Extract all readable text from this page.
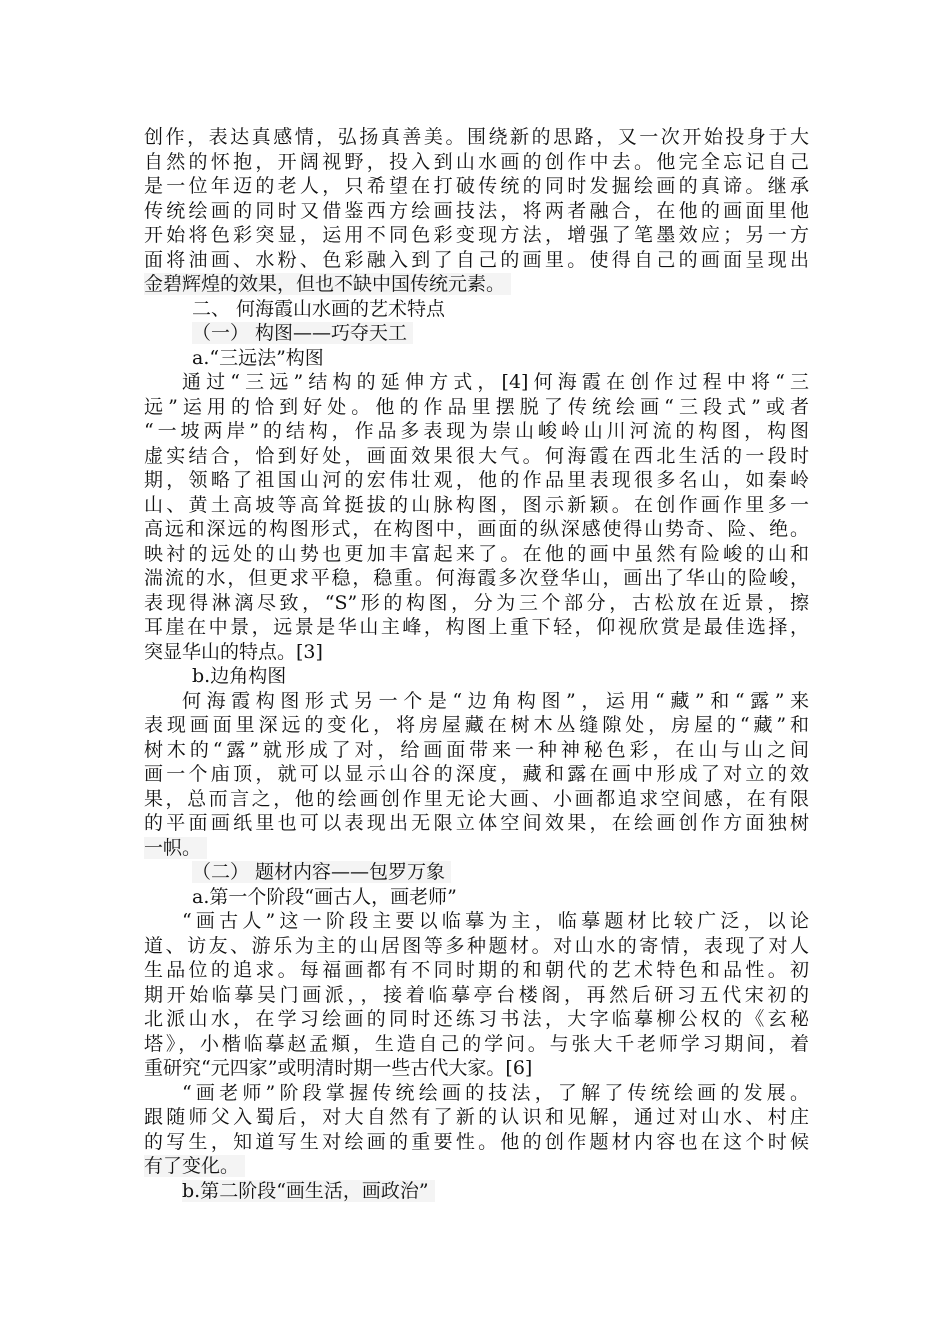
创作，表达真感情，弘扬真善美。围绕新的思路，又一次开始投身于大
自然的怀抱，开阔视野，投入到山水画的创作中去。他完全忘记自己
是一位年迈的老人，只希望在打破传统的同时发掘绘画的真谛。继承
传统绘画的同时又借鉴西方绘画技法，将两者融合，在他的画面里他
开始将色彩突显，运用不同色彩变现方法，增强了笔墨效应；另一方
面将油画、水粉、色彩融入到了自己的画里。使得自己的画面呈现出
金碧辉煌的效果，但也不缺中国传统元素。
二、 何海霞山水画的艺术特点
（一） 构图——巧夺天工
a.“三远法”构图
通过“三远”结构的延伸方式，[4]何海霞在创作过程中将“三
远”运用的恰到好处。他的作品里摆脱了传统绘画“三段式”或者
“一坡两岸”的结构，作品多表现为崇山峻岭山川河流的构图，构图
虚实结合，恰到好处，画面效果很大气。何海霞在西北生活的一段时
期，领略了祖国山河的宏伟壮观，他的作品里表现很多名山，如秦岭
山、黄土高坡等高耸挺拔的山脉构图，图示新颖。在创作画作里多一
高远和深远的构图形式，在构图中，画面的纵深感使得山势奇、险、绝。
映衬的远处的山势也更加丰富起来了。在他的画中虽然有险峻的山和
湍流的水，但更求平稳，稳重。何海霞多次登华山，画出了华山的险峻，
表现得淋漓尽致，“S”形的构图，分为三个部分，古松放在近景，擦
耳崖在中景，远景是华山主峰，构图上重下轻，仰视欣赏是最佳选择，
突显华山的特点。[3]
b.边角构图
何海霞构图形式另一个是“边角构图”，运用“藏”和“露”来
表现画面里深远的变化，将房屋藏在树木丛缝隙处，房屋的“藏”和
树木的“露”就形成了对，给画面带来一种神秘色彩，在山与山之间
画一个庙顶，就可以显示山谷的深度，藏和露在画中形成了对立的效
果，总而言之，他的绘画创作里无论大画、小画都追求空间感，在有限
的平面画纸里也可以表现出无限立体空间效果，在绘画创作方面独树
一帜。
（二） 题材内容——包罗万象
a.第一个阶段“画古人，画老师”
“画古人”这一阶段主要以临摹为主，临摹题材比较广泛，以论
道、访友、游乐为主的山居图等多种题材。对山水的寄情，表现了对人
生品位的追求。每福画都有不同时期的和朝代的艺术特色和品性。初
期开始临摹吴门画派，，接着临摹亭台楼阁，再然后研习五代宋初的
北派山水，在学习绘画的同时还练习书法，大字临摹柳公权的《玄秘
塔》，小楷临摹赵孟頫，生造自己的学问。与张大千老师学习期间，着
重研究“元四家”或明清时期一些古代大家。[6]
“画老师”阶段掌握传统绘画的技法，了解了传统绘画的发展。
跟随师父入蜀后，对大自然有了新的认识和见解，通过对山水、村庄
的写生，知道写生对绘画的重要性。他的创作题材内容也在这个时候
有了变化。
b.第二阶段“画生活，画政治”
